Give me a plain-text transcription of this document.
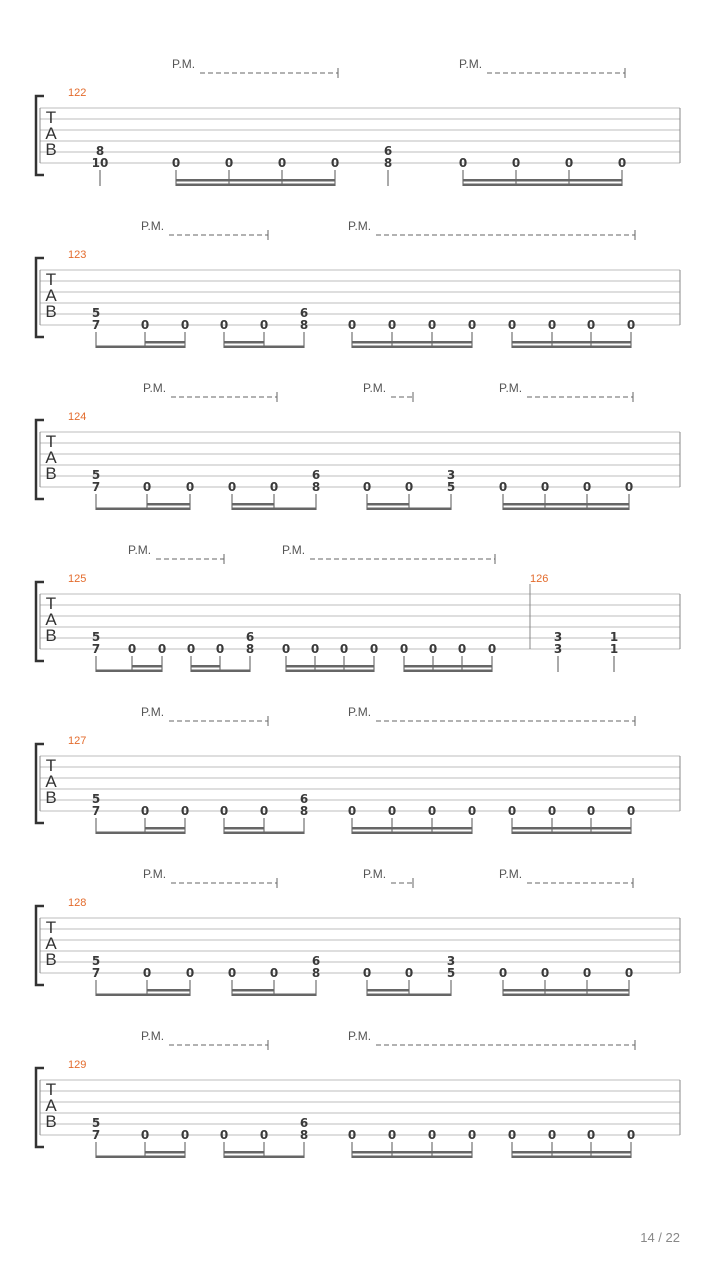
T
A
B
122
P.M.	P.M.
8
10	0	0	0	0
6
8	0	0	0	0
T
A
B
123
P.M.	P.M.
5
7	0	0	0	0
6
8	0	0	0	0	0	0	0	0
T
A
B
124
P.M.	P.M.	P.M.
5
7	0	0	0	0
6
8	0	0
3
5	0	0	0	0
T
A
B
125	126
P.M.	P.M.
5
7 0 0 0 0
6
8 0 0 0 0 0 0 0 0
3
3
1
1
T
A
B
127
P.M.	P.M.
5
7	0	0	0	0
6
8	0	0	0	0	0	0	0	0
T
A
B
128
P.M.	P.M.	P.M.
5
7	0	0	0	0
6
8	0	0
3
5	0	0	0	0
T
A
B
129
P.M.	P.M.
5
7	0	0	0	0
6
8	0	0	0	0	0	0	0	0
14 / 22
